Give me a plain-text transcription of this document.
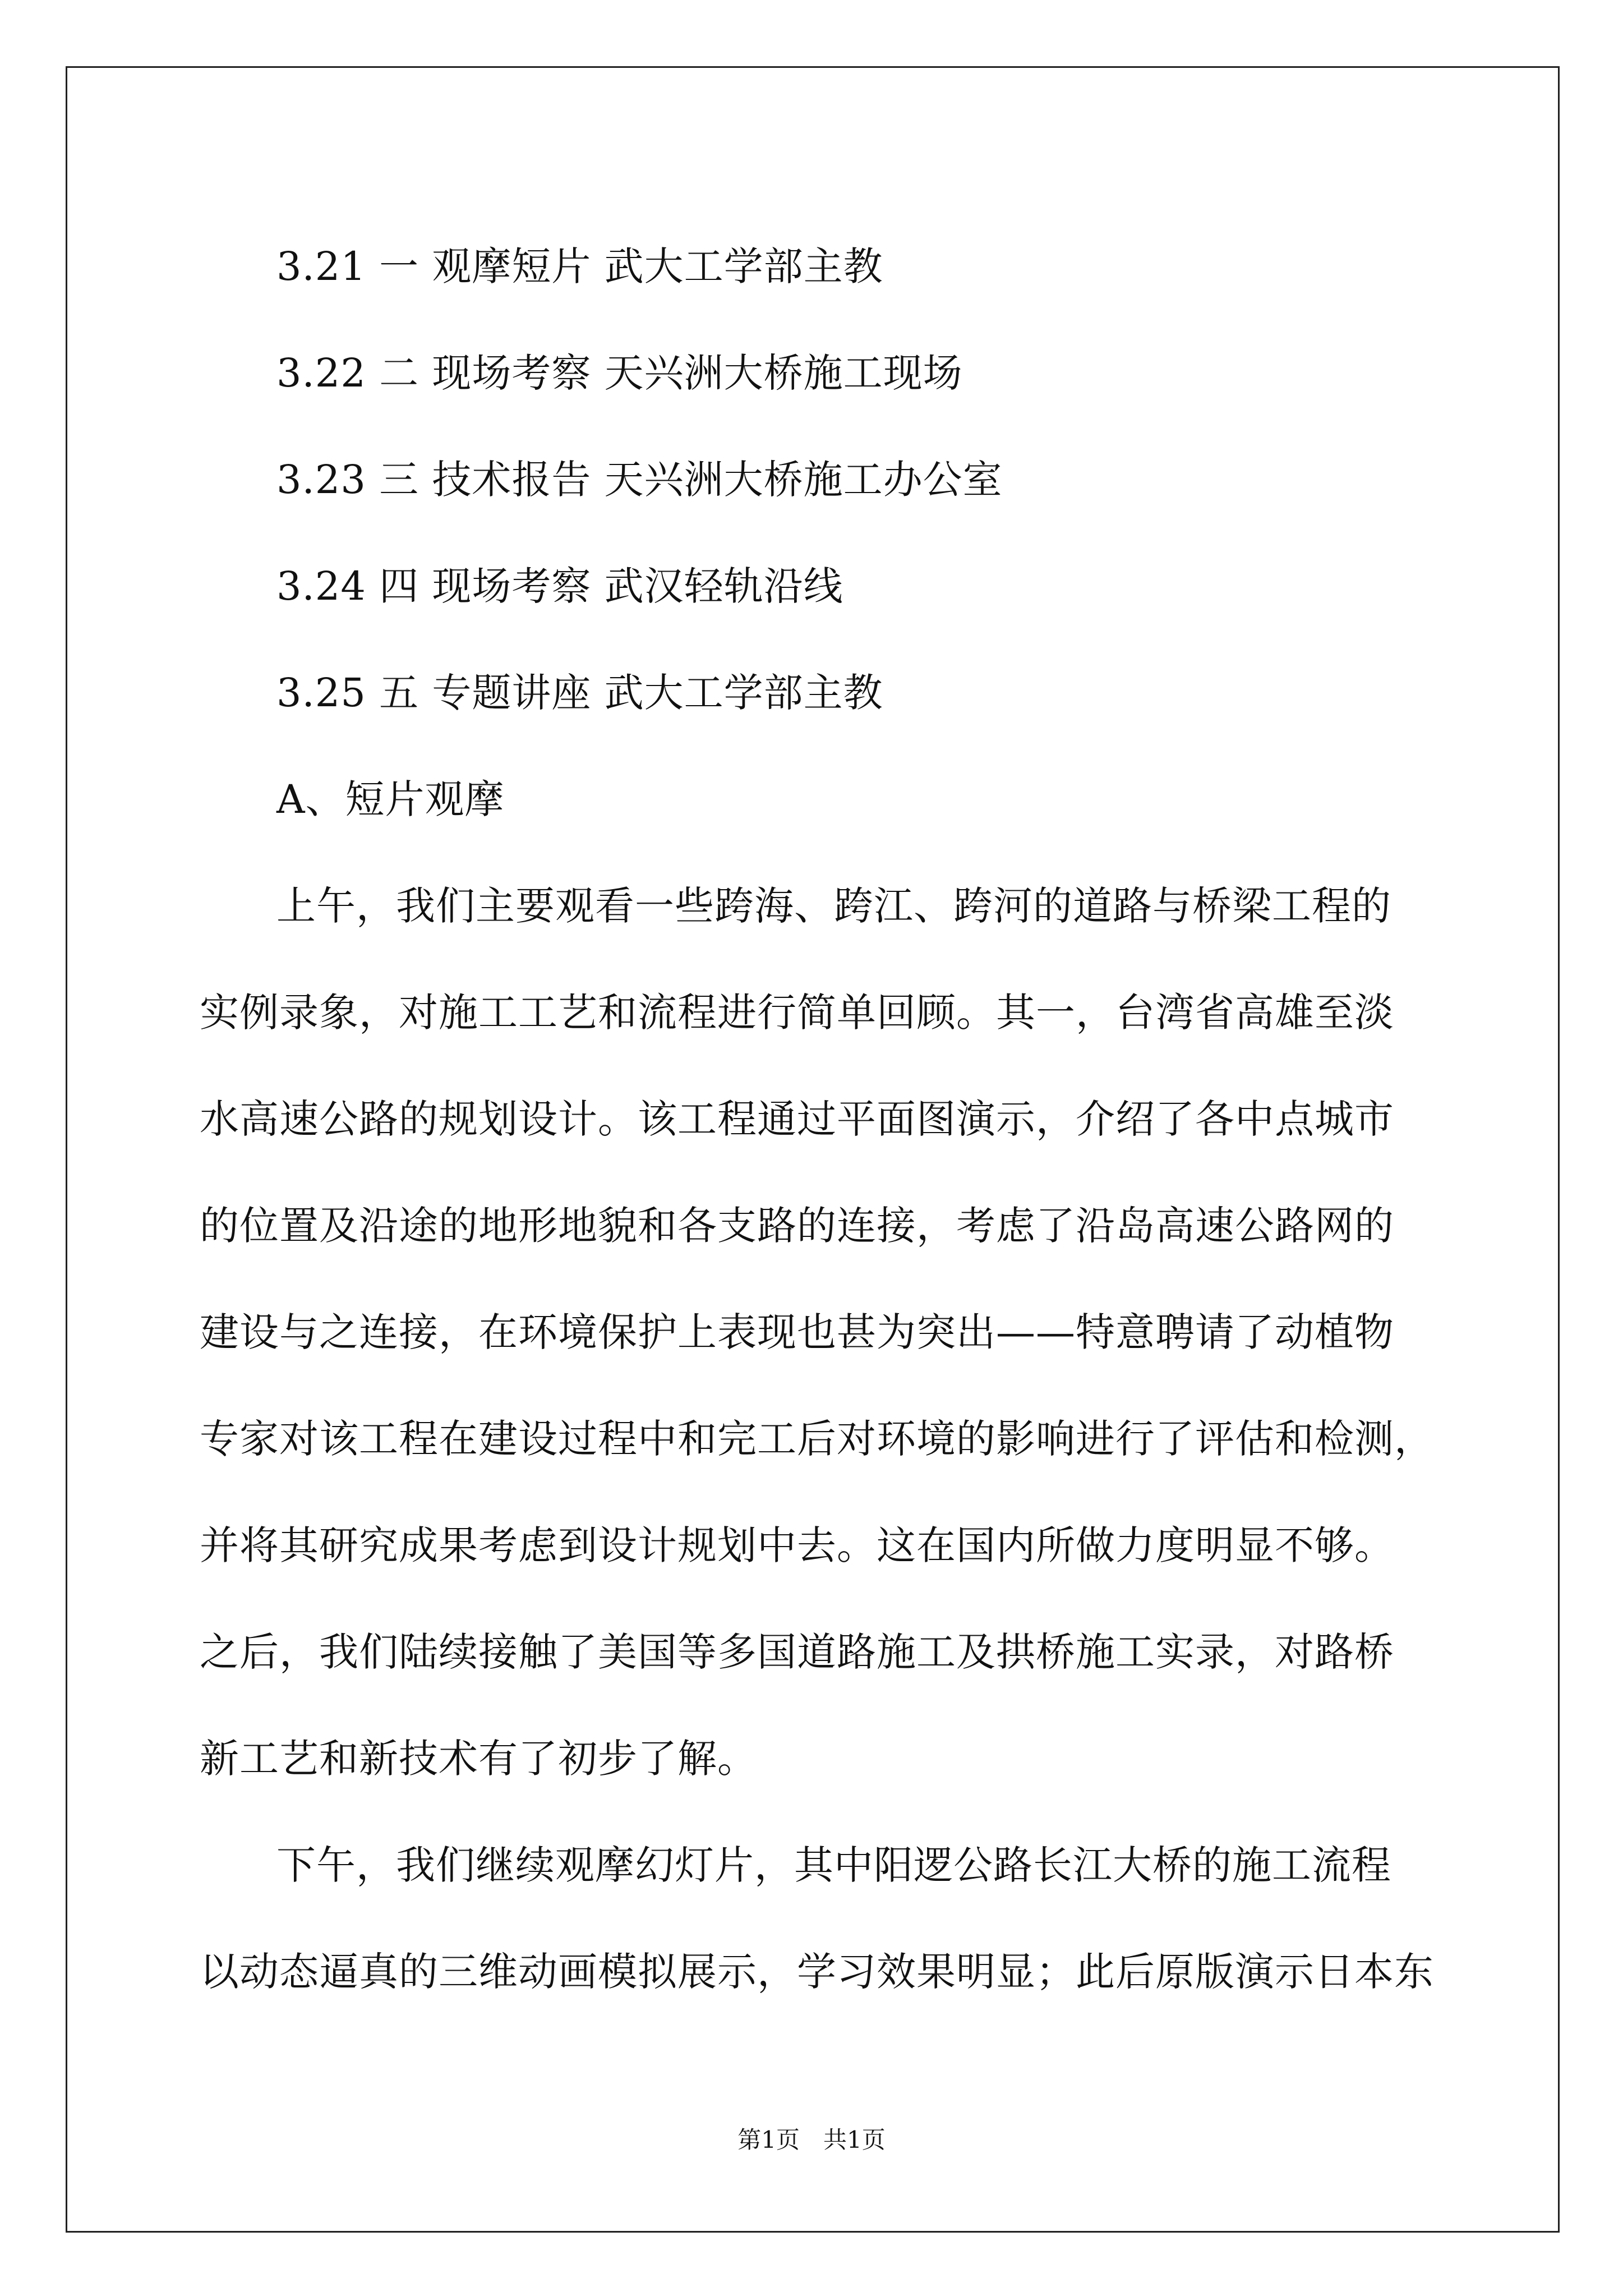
3.21 一 观摩短片 武大工学部主教
3.22 二 现场考察 天兴洲大桥施工现场
3.23 三 技术报告 天兴洲大桥施工办公室
3.24 四 现场考察 武汉轻轨沿线
3.25 五 专题讲座 武大工学部主教
A、短片观摩
上午，我们主要观看一些跨海、跨江、跨河的道路与桥梁工程的
实例录象，对施工工艺和流程进行简单回顾。其一，台湾省高雄至淡
水高速公路的规划设计。该工程通过平面图演示，介绍了各中点城市
的位置及沿途的地形地貌和各支路的连接，考虑了沿岛高速公路网的
建设与之连接，在环境保护上表现也甚为突出——特意聘请了动植物
专家对该工程在建设过程中和完工后对环境的影响进行了评估和检测，
并将其研究成果考虑到设计规划中去。这在国内所做力度明显不够。
之后，我们陆续接触了美国等多国道路施工及拱桥施工实录，对路桥
新工艺和新技术有了初步了解。
下午，我们继续观摩幻灯片，其中阳逻公路长江大桥的施工流程
以动态逼真的三维动画模拟展示，学习效果明显；此后原版演示日本东
第1页　共1页
